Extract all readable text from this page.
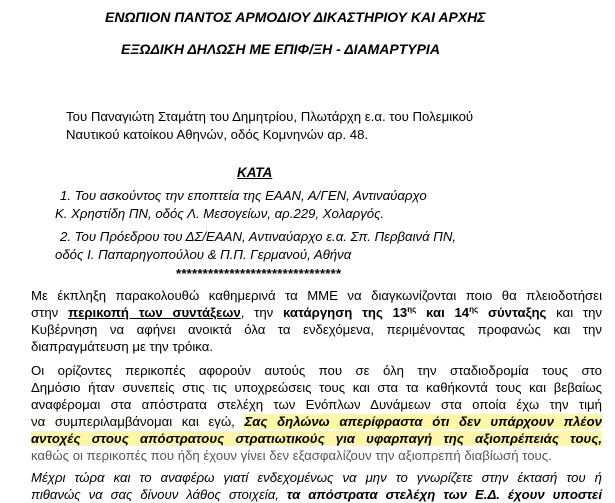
ΕΝΩΠΙΟΝ ΠΑΝΤΟΣ ΑΡΜΟΔΙΟΥ ΔΙΚΑΣΤΗΡΙΟΥ ΚΑΙ ΑΡΧΗΣ
ΕΞΩΔΙΚΗ ΔΗΛΩΣΗ ΜΕ ΕΠΙΦ/ΞΗ - ΔΙΑΜΑΡΤΥΡΙΑ
Του Παναγιώτη Σταμάτη του Δημητρίου, Πλωτάρχη ε.α. του Πολεμικού
Ναυτικού κατοίκου Αθηνών, οδός Κομνηνών αρ. 48.
ΚΑΤΑ
1. Του ασκούντος την εποπτεία της ΕΑΑΝ, Α/ΓΕΝ, Αντιναύαρχο
Κ. Χρηστίδη ΠΝ, οδός Λ. Μεσογείων, αρ.229, Χολαργός.
2. Του Πρόεδρου του ΔΣ/ΕΑΑΝ, Αντιναύαρχο ε.α. Σπ. Περβαινά ΠΝ,
οδός Ι. Παπαρηγοπούλου & Π.Π. Γερμανού, Αθήνα
*******************************
Με έκπληξη παρακολουθώ καθημερινά τα ΜΜΕ να διαγκωνίζονται ποιο θα πλειοδοτήσει
στην περικοπή των συντάξεων, την κατάργηση της $13^{\eta\varsigma}$ και $14^{\eta\varsigma}$ σύνταξης και την
Κυβέρνηση να αφήνει ανοικτά όλα τα ενδεχόμενα, περιμένοντας προφανώς και την
διαπραγμάτευση με την τρόικα.
Οι ορίζοντες περικοπές αφορούν αυτούς που σε όλη την σταδιοδρομία τους στο
Δημόσιο ήταν συνεπείς στις τις υποχρεώσεις τους και στα τα καθήκοντά τους και βεβαίως
αναφέρομαι στα απόστρατα στελέχη των Ενόπλων Δυνάμεων στα οποία έχω την τιμή
να συμπεριλαμβάνομαι και εγώ, Σας δηλώνω απερίφραστα ότι δεν υπάρχουν πλέον
αντοχές στους απόστρατους στρατιωτικούς για υφαρπαγή της αξιοπρέπειάς τους,
καθώς οι περικοπές που ήδη έχουν γίνει δεν εξασφαλίζουν την αξιοπρεπή διαβίωσή τους.
Μέχρι τώρα και το αναφέρω γιατί ενδεχομένως να μην το γνωρίζετε στην έκτασή του ή
πιθανώς να σας δίνουν λάθος στοιχεία, τα απόστρατα στελέχη των Ε.Δ. έχουν υποστεί
